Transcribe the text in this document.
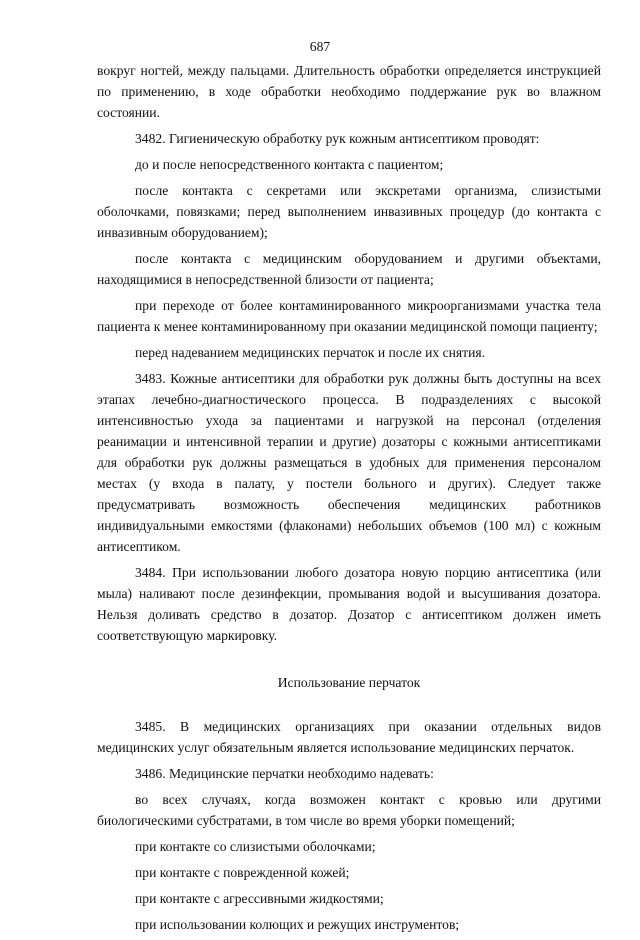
687

вокруг ногтей, между пальцами. Длительность обработки определяется инструкцией по применению, в ходе обработки необходимо поддержание рук во влажном состоянии.

3482. Гигиеническую обработку рук кожным антисептиком проводят:

до и после непосредственного контакта с пациентом;

после контакта с секретами или экскретами организма, слизистыми оболочками, повязками; перед выполнением инвазивных процедур (до контакта с инвазивным оборудованием);

после контакта с медицинским оборудованием и другими объектами, находящимися в непосредственной близости от пациента;

при переходе от более контаминированного микроорганизмами участка тела пациента к менее контаминированному при оказании медицинской помощи пациенту;

перед надеванием медицинских перчаток и после их снятия.

3483. Кожные антисептики для обработки рук должны быть доступны на всех этапах лечебно-диагностического процесса. В подразделениях с высокой интенсивностью ухода за пациентами и нагрузкой на персонал (отделения реанимации и интенсивной терапии и другие) дозаторы с кожными антисептиками для обработки рук должны размещаться в удобных для применения персоналом местах (у входа в палату, у постели больного и других). Следует также предусматривать возможность обеспечения медицинских работников индивидуальными емкостями (флаконами) небольших объемов (100 мл) с кожным антисептиком.

3484. При использовании любого дозатора новую порцию антисептика (или мыла) наливают после дезинфекции, промывания водой и высушивания дозатора. Нельзя доливать средство в дозатор. Дозатор с антисептиком должен иметь соответствующую маркировку.

Использование перчаток

3485. В медицинских организациях при оказании отдельных видов медицинских услуг обязательным является использование медицинских перчаток.

3486. Медицинские перчатки необходимо надевать:

во всех случаях, когда возможен контакт с кровью или другими биологическими субстратами, в том числе во время уборки помещений;

при контакте со слизистыми оболочками;

при контакте с поврежденной кожей;

при контакте с агрессивными жидкостями;

при использовании колющих и режущих инструментов;
